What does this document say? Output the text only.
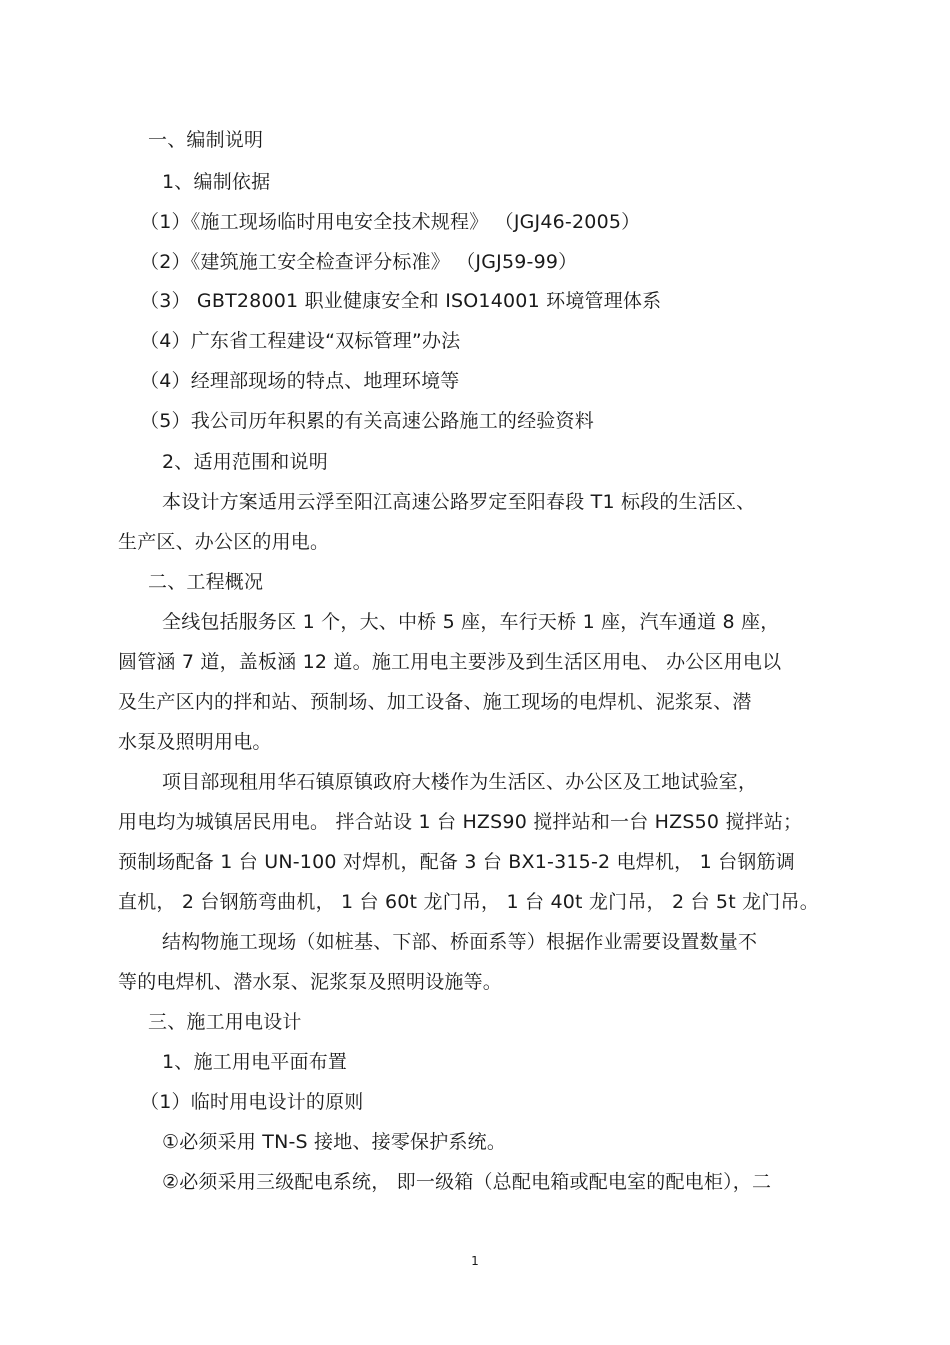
一、编制说明
1、编制依据
（1）《施工现场临时用电安全技术规程》 （JGJ46-2005）
（2）《建筑施工安全检查评分标准》 （JGJ59-99）
（3） GBT28001 职业健康安全和 ISO14001 环境管理体系
（4）广东省工程建设“双标管理”办法
（4）经理部现场的特点、地理环境等
（5）我公司历年积累的有关高速公路施工的经验资料
2、适用范围和说明
本设计方案适用云浮至阳江高速公路罗定至阳春段 T1 标段的生活区、
生产区、办公区的用电。
二、工程概况
全线包括服务区 1 个，大、中桥 5 座，车行天桥 1 座，汽车通道 8 座，
圆管涵 7 道，盖板涵 12 道。施工用电主要涉及到生活区用电、 办公区用电以
及生产区内的拌和站、预制场、加工设备、施工现场的电焊机、泥浆泵、潜
水泵及照明用电。
项目部现租用华石镇原镇政府大楼作为生活区、办公区及工地试验室，
用电均为城镇居民用电。 拌合站设 1 台 HZS90 搅拌站和一台 HZS50 搅拌站；
预制场配备 1 台 UN-100 对焊机，配备 3 台 BX1-315-2 电焊机， 1 台钢筋调
直机， 2 台钢筋弯曲机， 1 台 60t 龙门吊， 1 台 40t 龙门吊， 2 台 5t 龙门吊。
结构物施工现场（如桩基、下部、桥面系等）根据作业需要设置数量不
等的电焊机、潜水泵、泥浆泵及照明设施等。
三、施工用电设计
1、施工用电平面布置
（1）临时用电设计的原则
①必须采用 TN-S 接地、接零保护系统。
②必须采用三级配电系统， 即一级箱（总配电箱或配电室的配电柜），二
1
